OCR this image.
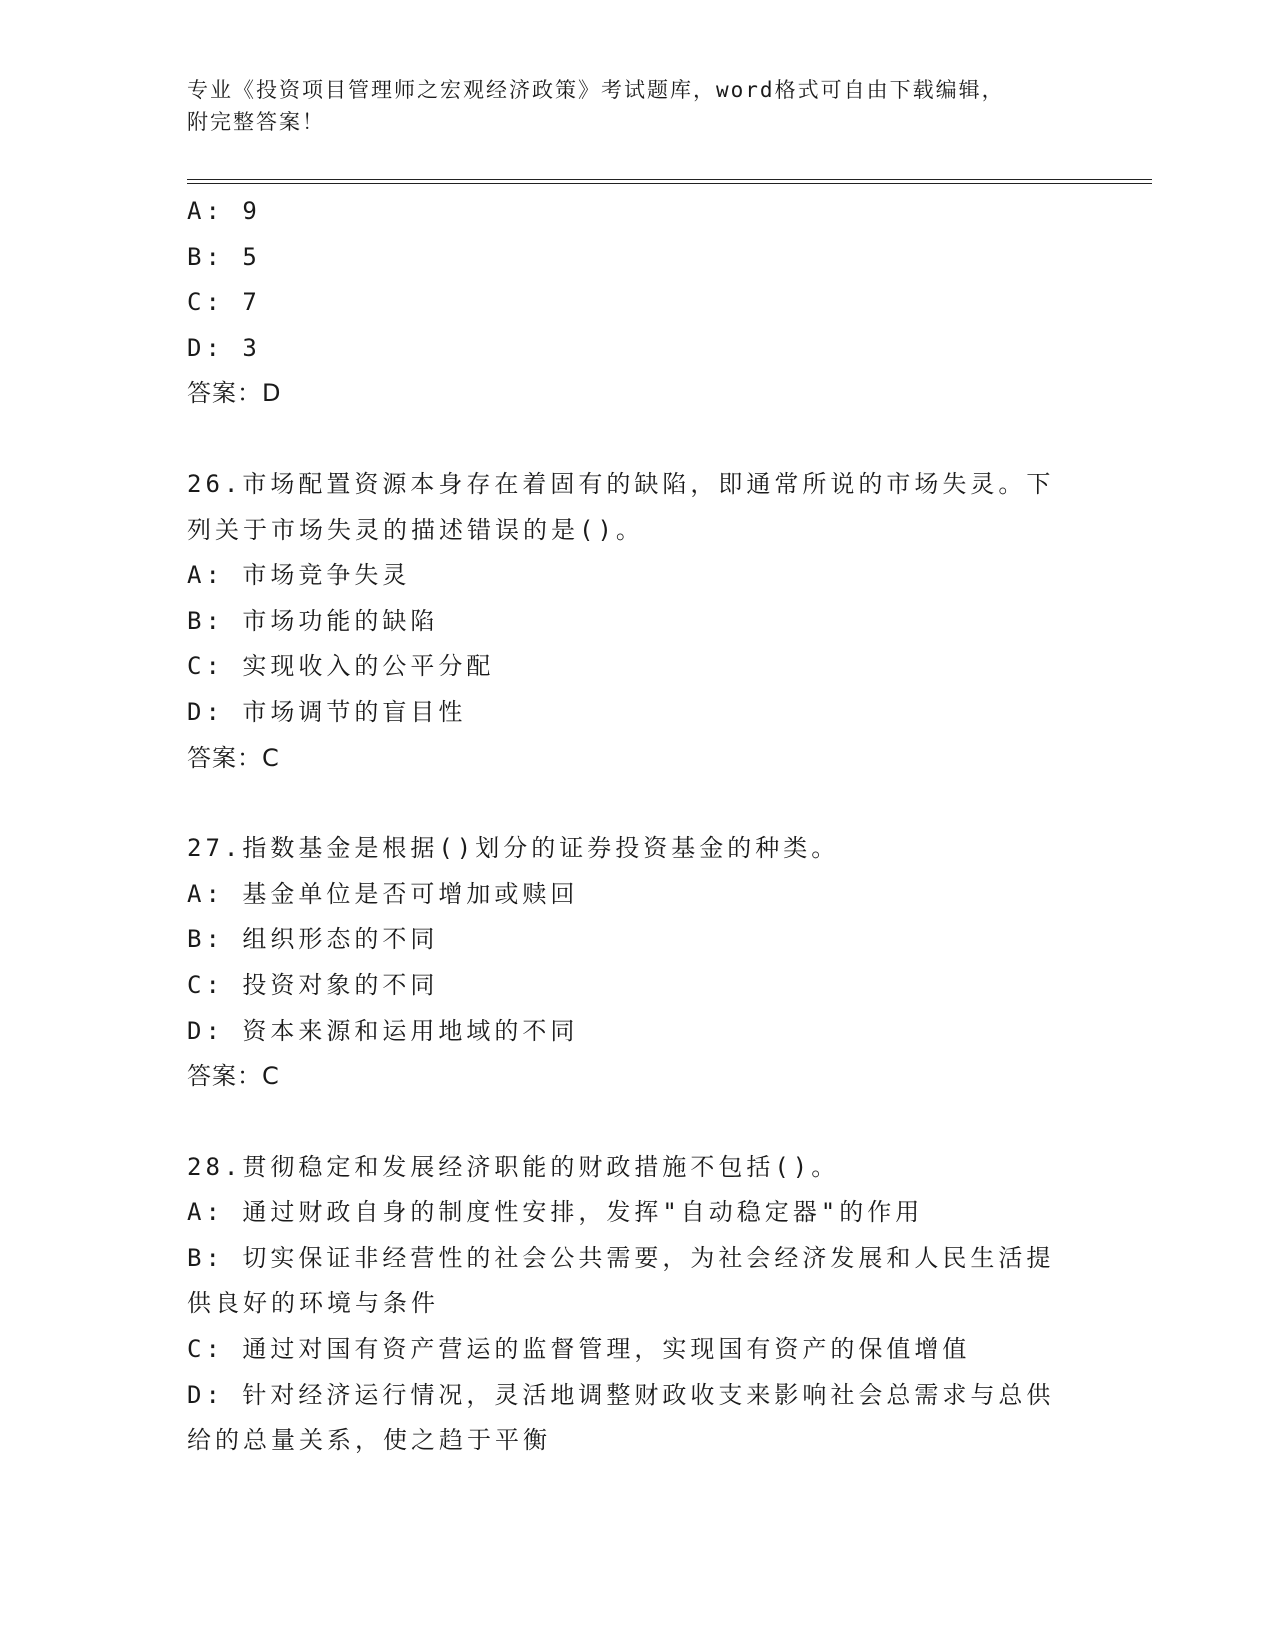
专业《投资项目管理师之宏观经济政策》考试题库，word格式可自由下载编辑，
附完整答案！
A: 9
B: 5
C: 7
D: 3
答案：D
26.市场配置资源本身存在着固有的缺陷，即通常所说的市场失灵。下
列关于市场失灵的描述错误的是()。
A: 市场竞争失灵
B: 市场功能的缺陷
C: 实现收入的公平分配
D: 市场调节的盲目性
答案：C
27.指数基金是根据()划分的证券投资基金的种类。
A: 基金单位是否可增加或赎回
B: 组织形态的不同
C: 投资对象的不同
D: 资本来源和运用地域的不同
答案：C
28.贯彻稳定和发展经济职能的财政措施不包括()。
A: 通过财政自身的制度性安排，发挥"自动稳定器"的作用
B: 切实保证非经营性的社会公共需要，为社会经济发展和人民生活提
供良好的环境与条件
C: 通过对国有资产营运的监督管理，实现国有资产的保值增值
D: 针对经济运行情况，灵活地调整财政收支来影响社会总需求与总供
给的总量关系，使之趋于平衡
